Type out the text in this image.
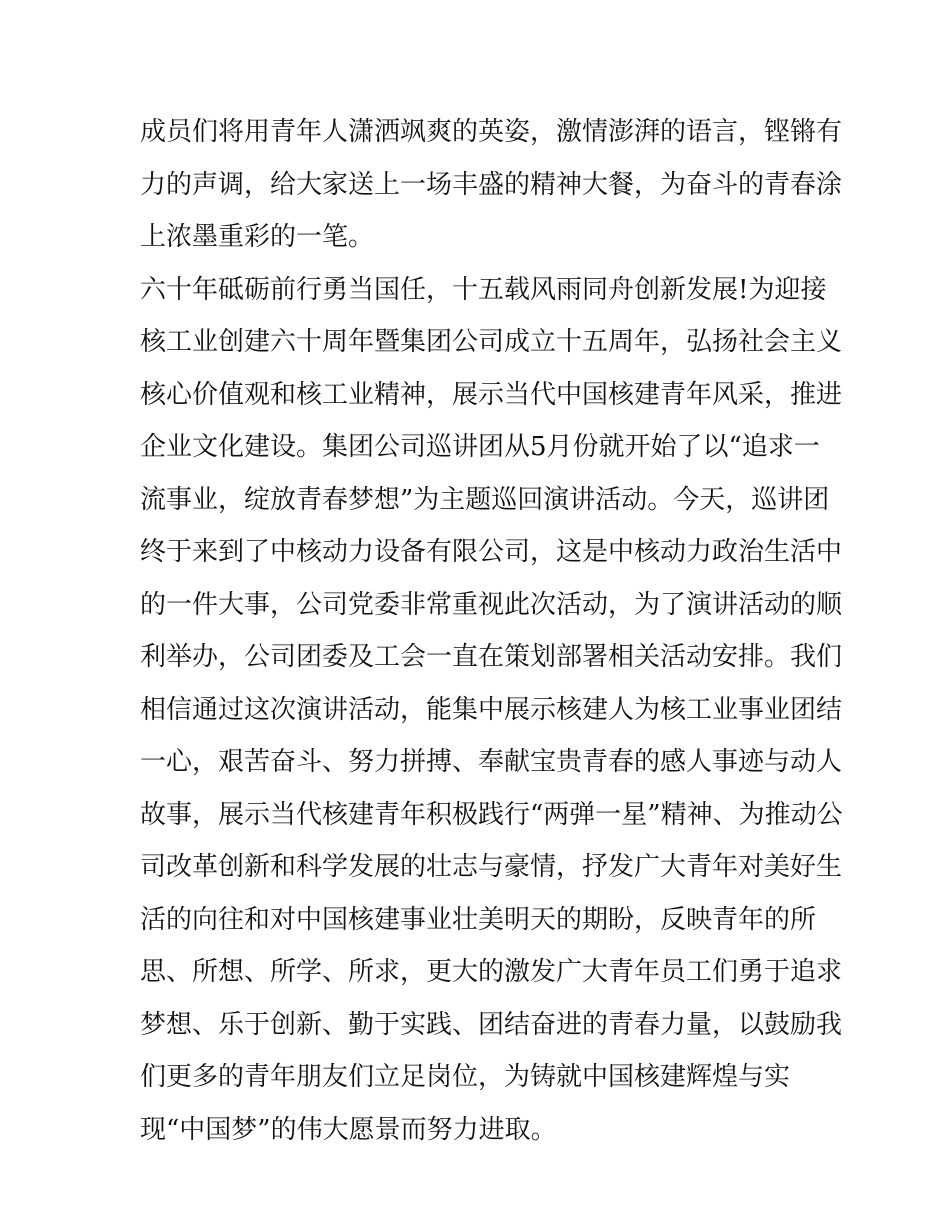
成员们将用青年人潇洒飒爽的英姿，激情澎湃的语言，铿锵有
力的声调，给大家送上一场丰盛的精神大餐，为奋斗的青春涂
上浓墨重彩的一笔。
六十年砥砺前行勇当国任，十五载风雨同舟创新发展!为迎接
核工业创建六十周年暨集团公司成立十五周年，弘扬社会主义
核心价值观和核工业精神，展示当代中国核建青年风采，推进
企业文化建设。集团公司巡讲团从5月份就开始了以“追求一
流事业，绽放青春梦想”为主题巡回演讲活动。今天，巡讲团
终于来到了中核动力设备有限公司，这是中核动力政治生活中
的一件大事，公司党委非常重视此次活动，为了演讲活动的顺
利举办，公司团委及工会一直在策划部署相关活动安排。我们
相信通过这次演讲活动，能集中展示核建人为核工业事业团结
一心，艰苦奋斗、努力拼搏、奉献宝贵青春的感人事迹与动人
故事，展示当代核建青年积极践行“两弹一星”精神、为推动公
司改革创新和科学发展的壮志与豪情，抒发广大青年对美好生
活的向往和对中国核建事业壮美明天的期盼，反映青年的所
思、所想、所学、所求，更大的激发广大青年员工们勇于追求
梦想、乐于创新、勤于实践、团结奋进的青春力量，以鼓励我
们更多的青年朋友们立足岗位，为铸就中国核建辉煌与实
现“中国梦”的伟大愿景而努力进取。
